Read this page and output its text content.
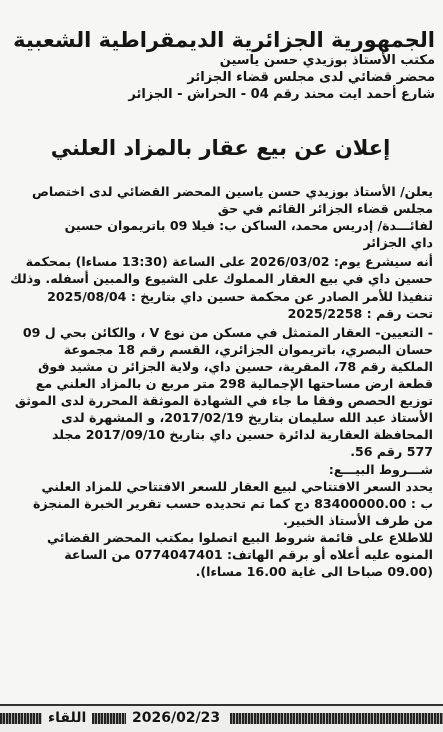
الجمهورية الجزائرية الديمقراطية الشعبية
مكتب الأستاذ بوزيدي حسن ياسين
محضر قضائي لدى مجلس قضاء الجزائر
شارع أحمد ايت محند رقم 04 - الحراش - الجزائر
إعلان عن بيع عقار بالمزاد العلني
يعلن/ الأستاذ بوزيدي حسن ياسين المحضر القضائي لدى اختصاص
مجلس قضاء الجزائر القائم في حق
لفائـــدة/ إدريس محمد، الساكن ب: فيلا 09 باتريموان حسين
داي الجزائر
أنه سيشرع يوم: 2026/03/02 على الساعة (13:30 مساءا) بمحكمة
حسين داي في بيع العقار المملوك على الشيوع والمبين أسفله. وذلك
تنفيذا للأمر الصادر عن محكمة حسين داي بتاريخ : 2025/08/04
تحت رقم : 2025/2258
- التعيين- العقار المتمثل في مسكن من نوع V ، والكائن بحي ل 09
حسان البصري، باتريموان الجزائري، القسم رقم 18 مجموعة
الملكية رقم 78، المقرية، حسين داي، ولاية الجزائر ن مشيد فوق
قطعة ارض مساحتها الإجمالية 298 متر مربع ن بالمزاد العلني مع
توزيع الحصص وفقا ما جاء في الشهادة الموثقة المحررة لدى الموثق
الأستاذ عبد الله سليمان بتاريخ 2017/02/19، و المشهرة لدى
المحافظة العقارية لدائرة حسين داي بتاريخ 2017/09/10 مجلد
577 رقم 56.
شـــروط البيـــع:
يحدد السعر الافتتاحي لبيع العقار للسعر الافتتاحي للمزاد العلني
ب : 83400000.00 دج كما تم تحديده حسب تقرير الخبرة المنجزة
من طرف الأستاذ الخبير.
للاطلاع على قائمة شروط البيع اتصلوا بمكتب المحضر القضائي
المنوه عليه أعلاه أو برقم الهاتف: 0774047401 من الساعة
(09.00 صباحا الى غاية 16.00 مساءا).
اللقاء	2026/02/23
